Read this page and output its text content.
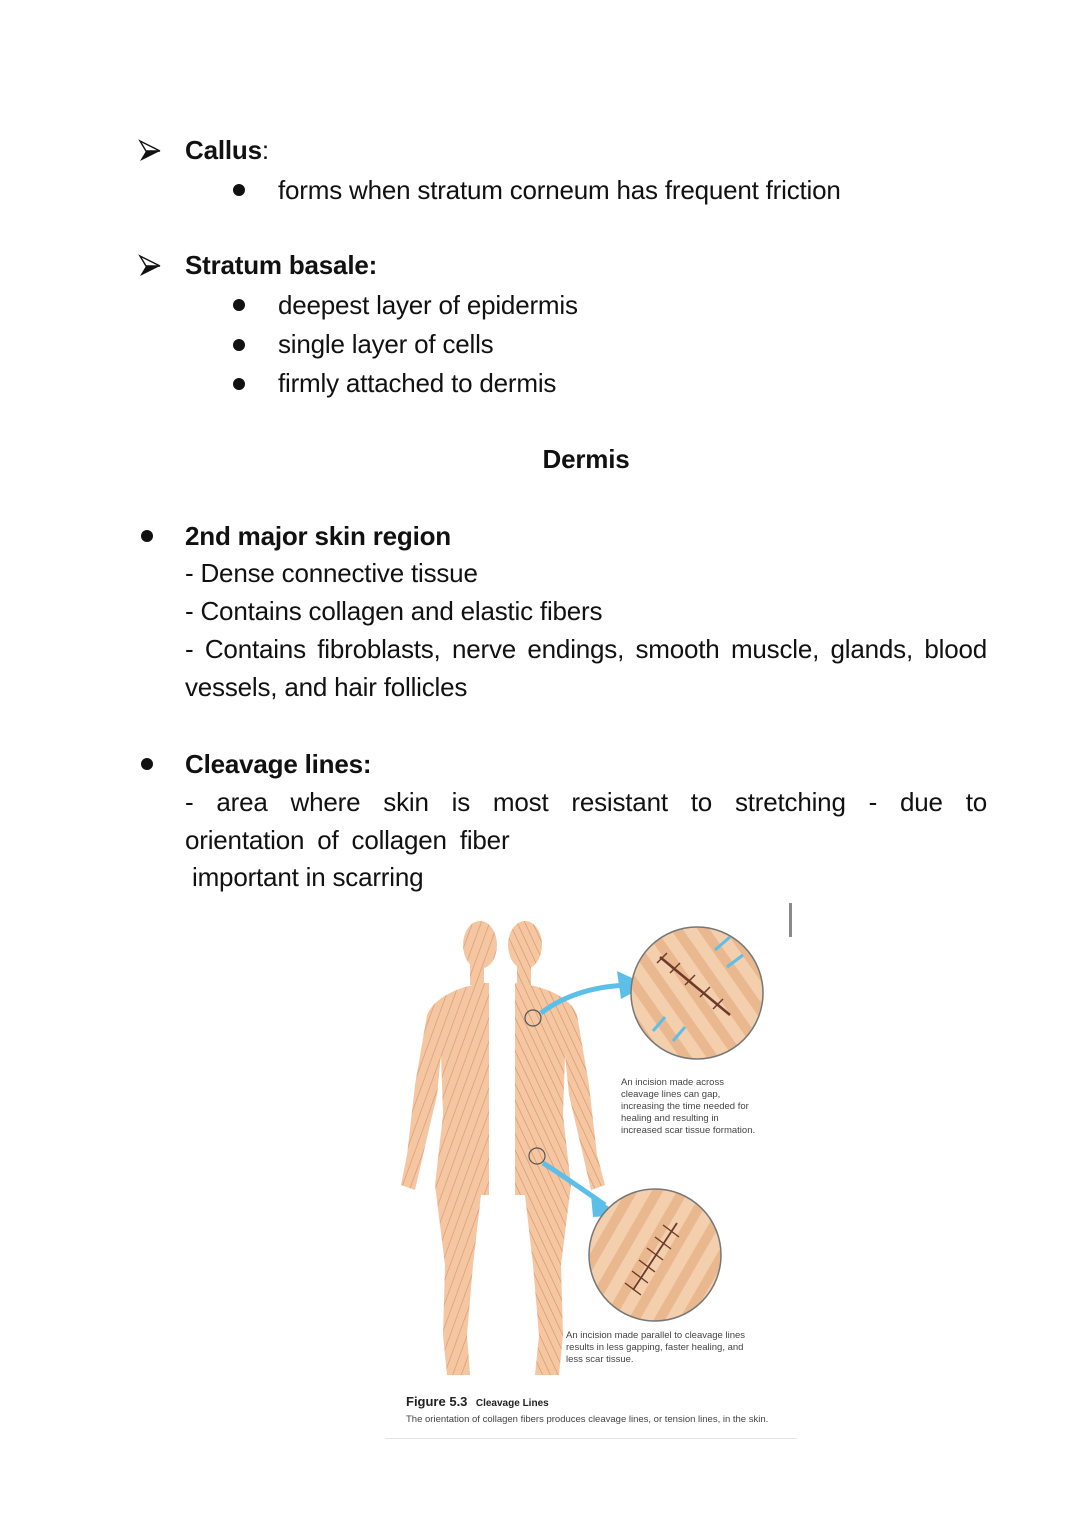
Callus:
forms when stratum corneum has frequent friction
Stratum basale:
deepest layer of epidermis
single layer of cells
firmly attached to dermis
Dermis
2nd major skin region
- Dense connective tissue
- Contains collagen and elastic fibers
- Contains fibroblasts, nerve endings, smooth muscle, glands, blood vessels, and hair follicles
Cleavage lines:
- area where skin is most resistant to stretching - due to orientation of collagen fiber
important in scarring
An incision made across cleavage lines can gap, increasing the time needed for healing and resulting in increased scar tissue formation.
An incision made parallel to cleavage lines results in less gapping, faster healing, and less scar tissue.
Figure 5.3 Cleavage Lines
The orientation of collagen fibers produces cleavage lines, or tension lines, in the skin.
